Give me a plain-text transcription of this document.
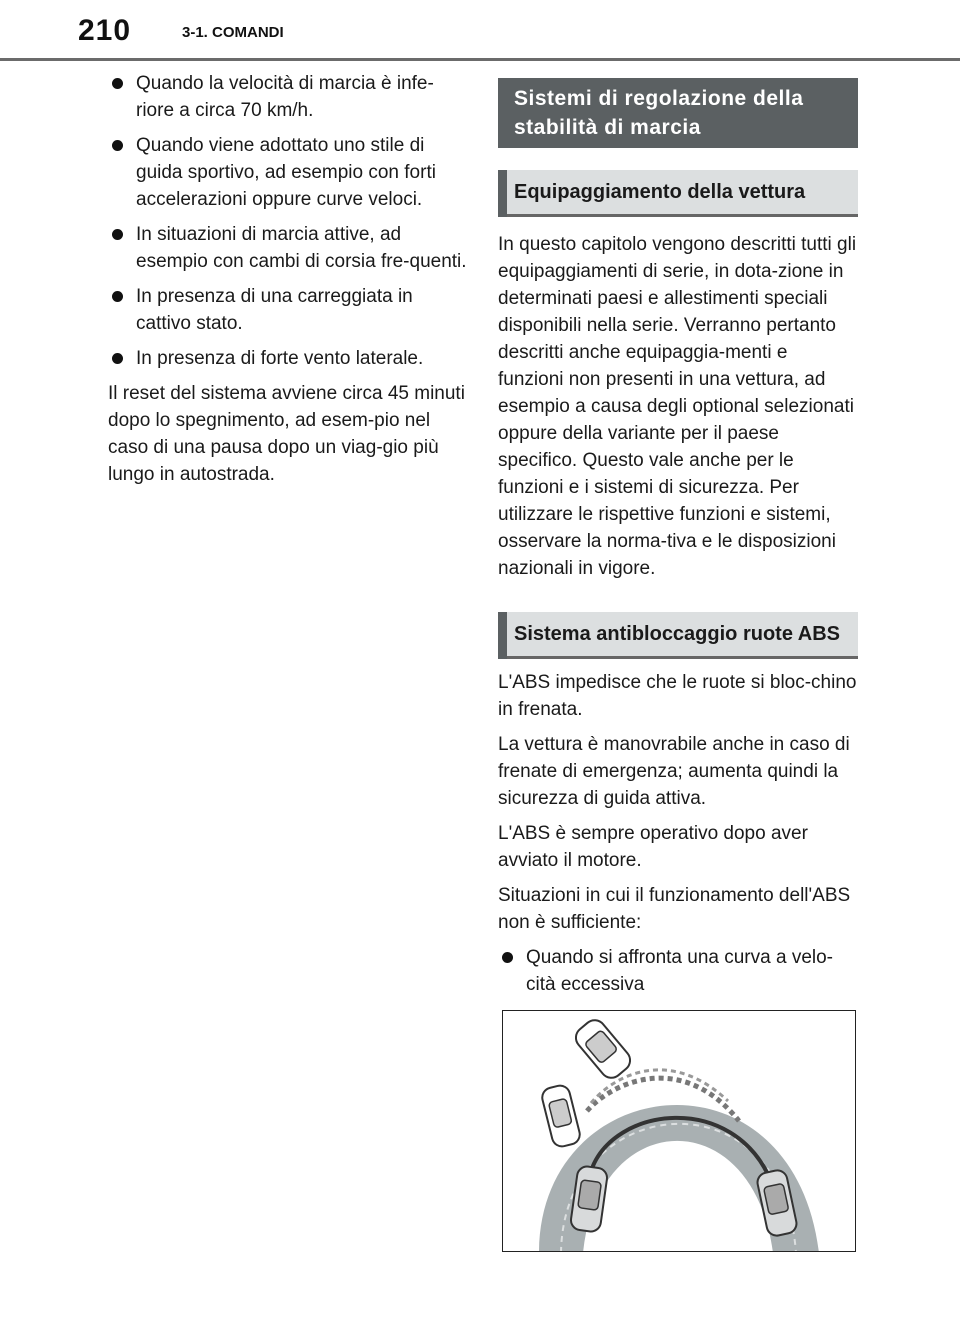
210	3-1. COMANDI
Quando la velocità di marcia è infe-riore a circa 70 km/h.
Quando viene adottato uno stile di guida sportivo, ad esempio con forti accelerazioni oppure curve veloci.
In situazioni di marcia attive, ad esempio con cambi di corsia fre-quenti.
In presenza di una carreggiata in cattivo stato.
In presenza di forte vento laterale.

Il reset del sistema avviene circa 45 minuti dopo lo spegnimento, ad esem-pio nel caso di una pausa dopo un viag-gio più lungo in autostrada.

Sistemi di regolazione della stabilità di marcia
Equipaggiamento della vettura

In questo capitolo vengono descritti tutti gli equipaggiamenti di serie, in dota-zione in determinati paesi e allestimenti speciali disponibili nella serie. Verranno pertanto descritti anche equipaggia-menti e funzioni non presenti in una vettura, ad esempio a causa degli optional selezionati oppure della variante per il paese specifico. Questo vale anche per le funzioni e i sistemi di sicurezza. Per utilizzare le rispettive funzioni e sistemi, osservare la norma-tiva e le disposizioni nazionali in vigore.

Sistema antibloccaggio ruote ABS

L'ABS impedisce che le ruote si bloc-chino in frenata.

La vettura è manovrabile anche in caso di frenate di emergenza; aumenta quindi la sicurezza di guida attiva.

L'ABS è sempre operativo dopo aver avviato il motore.

Situazioni in cui il funzionamento dell'ABS non è sufficiente:

Quando si affronta una curva a velo-cità eccessiva
